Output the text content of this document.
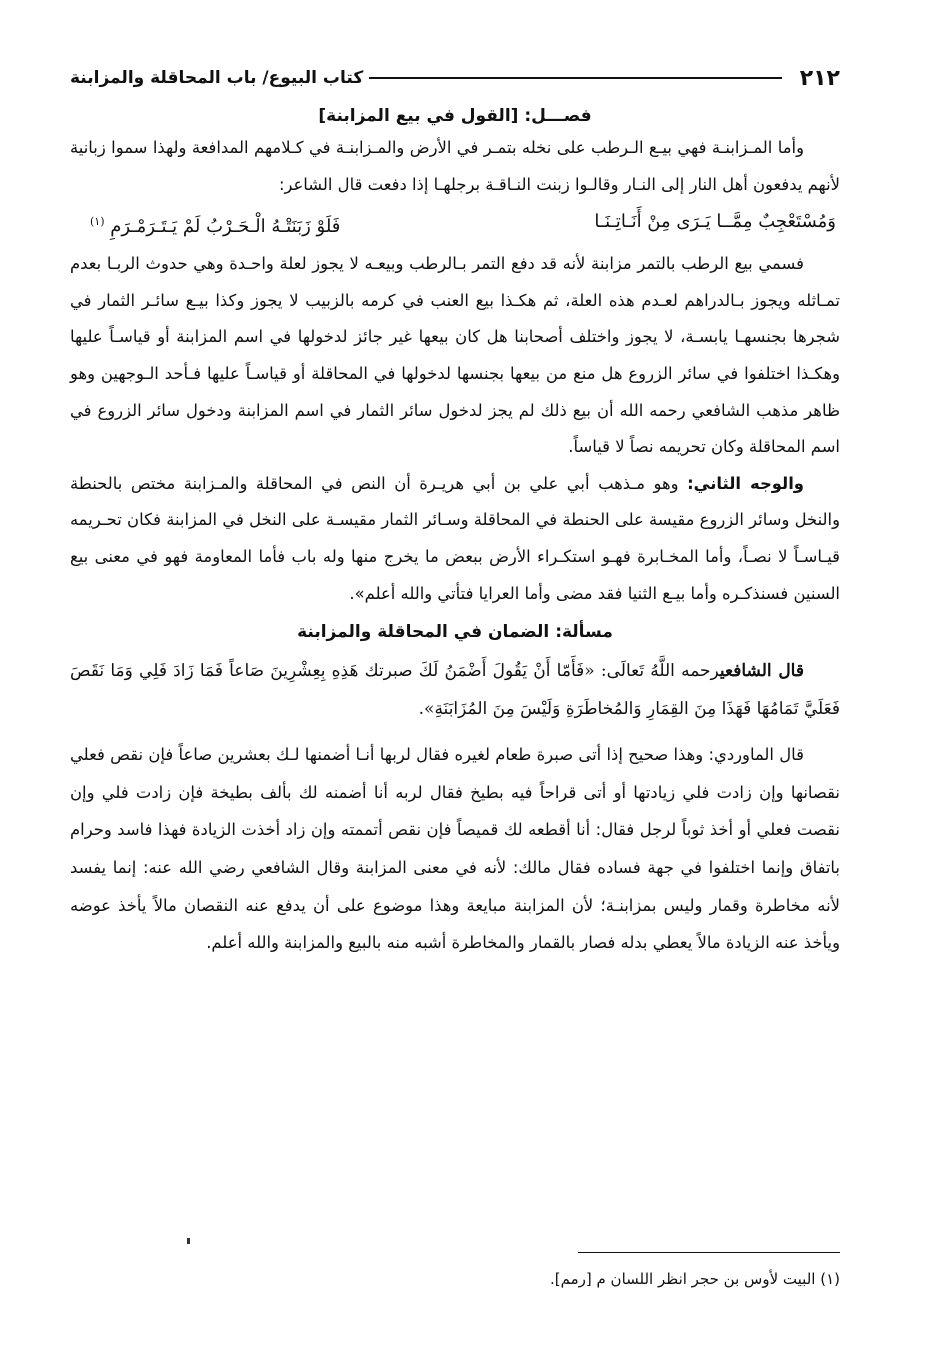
٢١٢
كتاب البيوع/ باب المحاقلة والمزابنة
فصـــل: [القول في بيع المزابنة]

وأما المـزابنـة فهي بيـع الـرطب على نخله بتمـر في الأرض والمـزابنـة في كـلامهم المدافعة ولهذا سموا زبانية لأنهم يدفعون أهل النار إلى النـار وقالـوا زبنت النـاقـة برجلهـا إذا دفعت قال الشاعر:

وَمُسْتَعْجِبٌ مِمَّــا يَـرَى مِنْ أَنَـاتِـنَـا
فَلَوْ زَبَنَتْـهُ الْـحَـرْبُ لَمْ يَـتَـرَمْـرَمِ $^{(١)}$

فسمي بيع الرطب بالتمر مزابنة لأنه قد دفع التمر بـالرطب وبيعـه لا يجوز لعلة واحـدة وهي حدوث الربـا بعدم تمـاثله ويجوز بـالدراهم لعـدم هذه العلة، ثم هكـذا بيع العنب في كرمه بالزبيب لا يجوز وكذا بيـع سائـر الثمار في شجرها بجنسهـا يابسـة، لا يجوز واختلف أصحابنا هل كان بيعها غير جائز لدخولها في اسم المزابنة أو قياسـاً عليها وهكـذا اختلفوا في سائر الزروع هل منع من بيعها بجنسها لدخولها في المحاقلة أو قياسـاً عليها فـأحد الـوجهين وهو ظاهر مذهب الشافعي رحمه الله أن بيع ذلك لم يجز لدخول سائر الثمار في اسم المزابنة ودخول سائر الزروع في اسم المحاقلة وكان تحريمه نصاً لا قياساً.

والوجه الثاني: وهو مـذهب أبي علي بن أبي هريـرة أن النص في المحاقلة والمـزابنة مختص بالحنطة والنخل وسائر الزروع مقيسة على الحنطة في المحاقلة وسـائر الثمار مقيسـة على النخل في المزابنة فكان تحـريمه قيـاسـاً لا نصـاً، وأما المخـابرة فهـو استكـراء الأرض ببعض ما يخرج منها وله باب فأما المعاومة فهو في معنى بيع السنين فسنذكـره وأما بيـع الثنيا فقد مضى وأما العرايا فتأتي والله أعلم».

مسألة: الضمان في المحاقلة والمزابنة

قال الشافعيرحمه اللَّهُ تَعالَى: «فَأَمّا أَنْ يَقُولَ أَضْمَنُ لَكَ صبرتك هَذِهِ بِعِشْرِينَ صَاعاً فَمَا زَادَ فَلِي وَمَا نَقَصَ فَعَلَيَّ تَمَامُهَا فَهَذَا مِنَ القِمَارِ وَالمُخاطَرَةِ وَلَيْسَ مِنَ المُزَابَنَةِ».

قال الماوردي: وهذا صحيح إذا أتى صبرة طعام لغيره فقال لربها أنـا أضمنها لـك بعشرين صاعاً فإن نقص فعلي نقصانها وإن زادت فلي زيادتها أو أتى قراحاً فيه بطيخ فقال لربه أنا أضمنه لك بألف بطيخة فإن زادت فلي وإن نقصت فعلي أو أخذ ثوباً لرجل فقال: أنا أقطعه لك قميصاً فإن نقص أتممته وإن زاد أخذت الزيادة فهذا فاسد وحرام باتفاق وإنما اختلفوا في جهة فساده فقال مالك: لأنه في معنى المزابنة وقال الشافعي رضي الله عنه: إنما يفسد لأنه مخاطرة وقمار وليس بمزابنـة؛ لأن المزابنة مبايعة وهذا موضوع على أن يدفع عنه النقصان مالاً يأخذ عوضه ويأخذ عنه الزيادة مالاً يعطي بدله فصار بالقمار والمخاطرة أشبه منه بالبيع والمزابنة والله أعلم.

(١) البيت لأوس بن حجر انظر اللسان م [رمم].
